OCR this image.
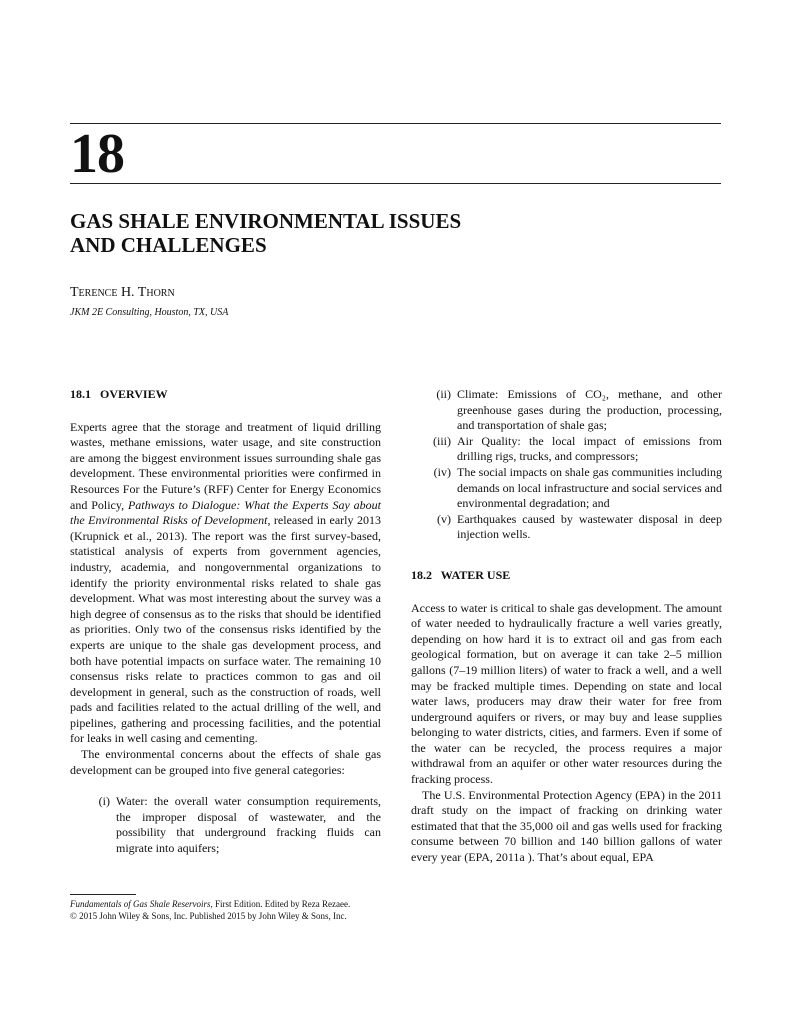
18
GAS SHALE ENVIRONMENTAL ISSUES
AND CHALLENGES
Terence H. Thorn
JKM 2E Consulting, Houston, TX, USA

18.1   OVERVIEW

Experts agree that the storage and treatment of liquid drilling wastes, methane emissions, water usage, and site construction are among the biggest environment issues surrounding shale gas development. These environmental priorities were confirmed in Resources For the Future’s (RFF) Center for Energy Economics and Policy, Pathways to Dialogue: What the Experts Say about the Environmental Risks of Development, released in early 2013 (Krupnick et al., 2013). The report was the first survey-based, statistical analysis of experts from government agencies, industry, academia, and nongovernmental organizations to identify the priority environmental risks related to shale gas development. What was most interesting about the survey was a high degree of consensus as to the risks that should be identified as priorities. Only two of the consensus risks identified by the experts are unique to the shale gas development process, and both have potential impacts on surface water. The remaining 10 consensus risks relate to practices common to gas and oil development in general, such as the construction of roads, well pads and facilities related to the actual drilling of the well, and pipelines, gathering and processing facilities, and the potential for leaks in well casing and cementing.

The environmental concerns about the effects of shale gas development can be grouped into five general categories:

(i) Water: the overall water consumption requirements, the improper disposal of wastewater, and the possibility that underground fracking fluids can migrate into aquifers;
(ii) Climate: Emissions of CO₂, methane, and other greenhouse gases during the production, processing, and transportation of shale gas;
(iii) Air Quality: the local impact of emissions from drilling rigs, trucks, and compressors;
(iv) The social impacts on shale gas communities including demands on local infrastructure and social services and environmental degradation; and
(v) Earthquakes caused by wastewater disposal in deep injection wells.

18.2   WATER USE

Access to water is critical to shale gas development. The amount of water needed to hydraulically fracture a well varies greatly, depending on how hard it is to extract oil and gas from each geological formation, but on average it can take 2–5 million gallons (7–19 million liters) of water to frack a well, and a well may be fracked multiple times. Depending on state and local water laws, producers may draw their water for free from underground aquifers or rivers, or may buy and lease supplies belonging to water districts, cities, and farmers. Even if some of the water can be recycled, the process requires a major withdrawal from an aquifer or other water resources during the fracking process.

The U.S. Environmental Protection Agency (EPA) in the 2011 draft study on the impact of fracking on drinking water estimated that that the 35,000 oil and gas wells used for fracking consume between 70 billion and 140 billion gallons of water every year (EPA, 2011a ). That’s about equal, EPA

Fundamentals of Gas Shale Reservoirs, First Edition. Edited by Reza Rezaee.
© 2015 John Wiley & Sons, Inc. Published 2015 by John Wiley & Sons, Inc.
